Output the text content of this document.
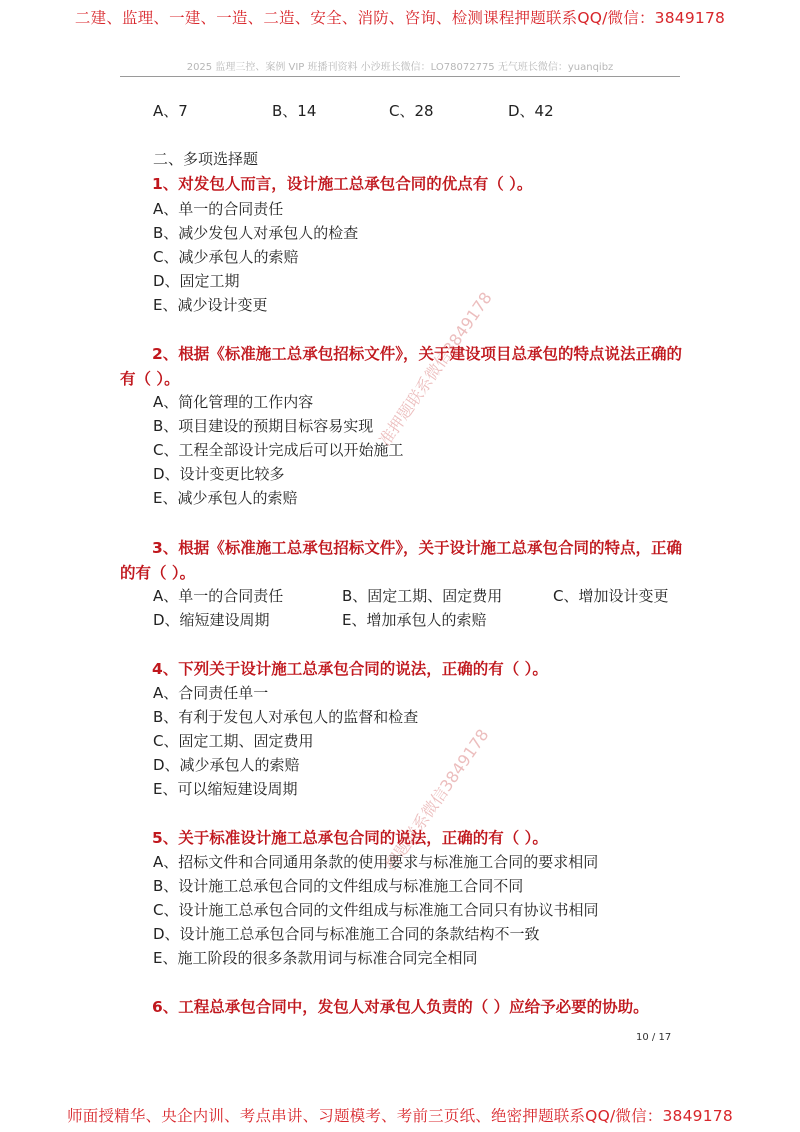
二建、监理、一建、一造、二造、安全、消防、咨询、检测课程押题联系QQ/微信：3849178
2025 监理三控、案例 VIP 班播刊资料 小沙班长微信：LO78072775 无气班长微信：yuanqibz
A、7	B、14	C、28	D、42
二、多项选择题
1、对发包人而言，设计施工总承包合同的优点有（ ）。
A、单一的合同责任
B、减少发包人对承包人的检查
C、减少承包人的索赔
D、固定工期
E、减少设计变更
2、根据《标准施工总承包招标文件》，关于建设项目总承包的特点说法正确的有（ ）。
A、简化管理的工作内容
B、项目建设的预期目标容易实现
C、工程全部设计完成后可以开始施工
D、设计变更比较多
E、减少承包人的索赔
3、根据《标准施工总承包招标文件》，关于设计施工总承包合同的特点，正确的有（ ）。
A、单一的合同责任	B、固定工期、固定费用	C、增加设计变更
D、缩短建设周期	E、增加承包人的索赔
4、下列关于设计施工总承包合同的说法，正确的有（ ）。
A、合同责任单一
B、有利于发包人对承包人的监督和检查
C、固定工期、固定费用
D、减少承包人的索赔
E、可以缩短建设周期
5、关于标准设计施工总承包合同的说法，正确的有（ ）。
A、招标文件和合同通用条款的使用要求与标准施工合同的要求相同
B、设计施工总承包合同的文件组成与标准施工合同不同
C、设计施工总承包合同的文件组成与标准施工合同只有协议书相同
D、设计施工总承包合同与标准施工合同的条款结构不一致
E、施工阶段的很多条款用词与标准合同完全相同
6、工程总承包合同中，发包人对承包人负责的（ ）应给予必要的协助。
10 / 17
准押题联系微信3849178
押题联系微信3849178
师面授精华、央企内训、考点串讲、习题模考、考前三页纸、绝密押题联系QQ/微信：3849178
